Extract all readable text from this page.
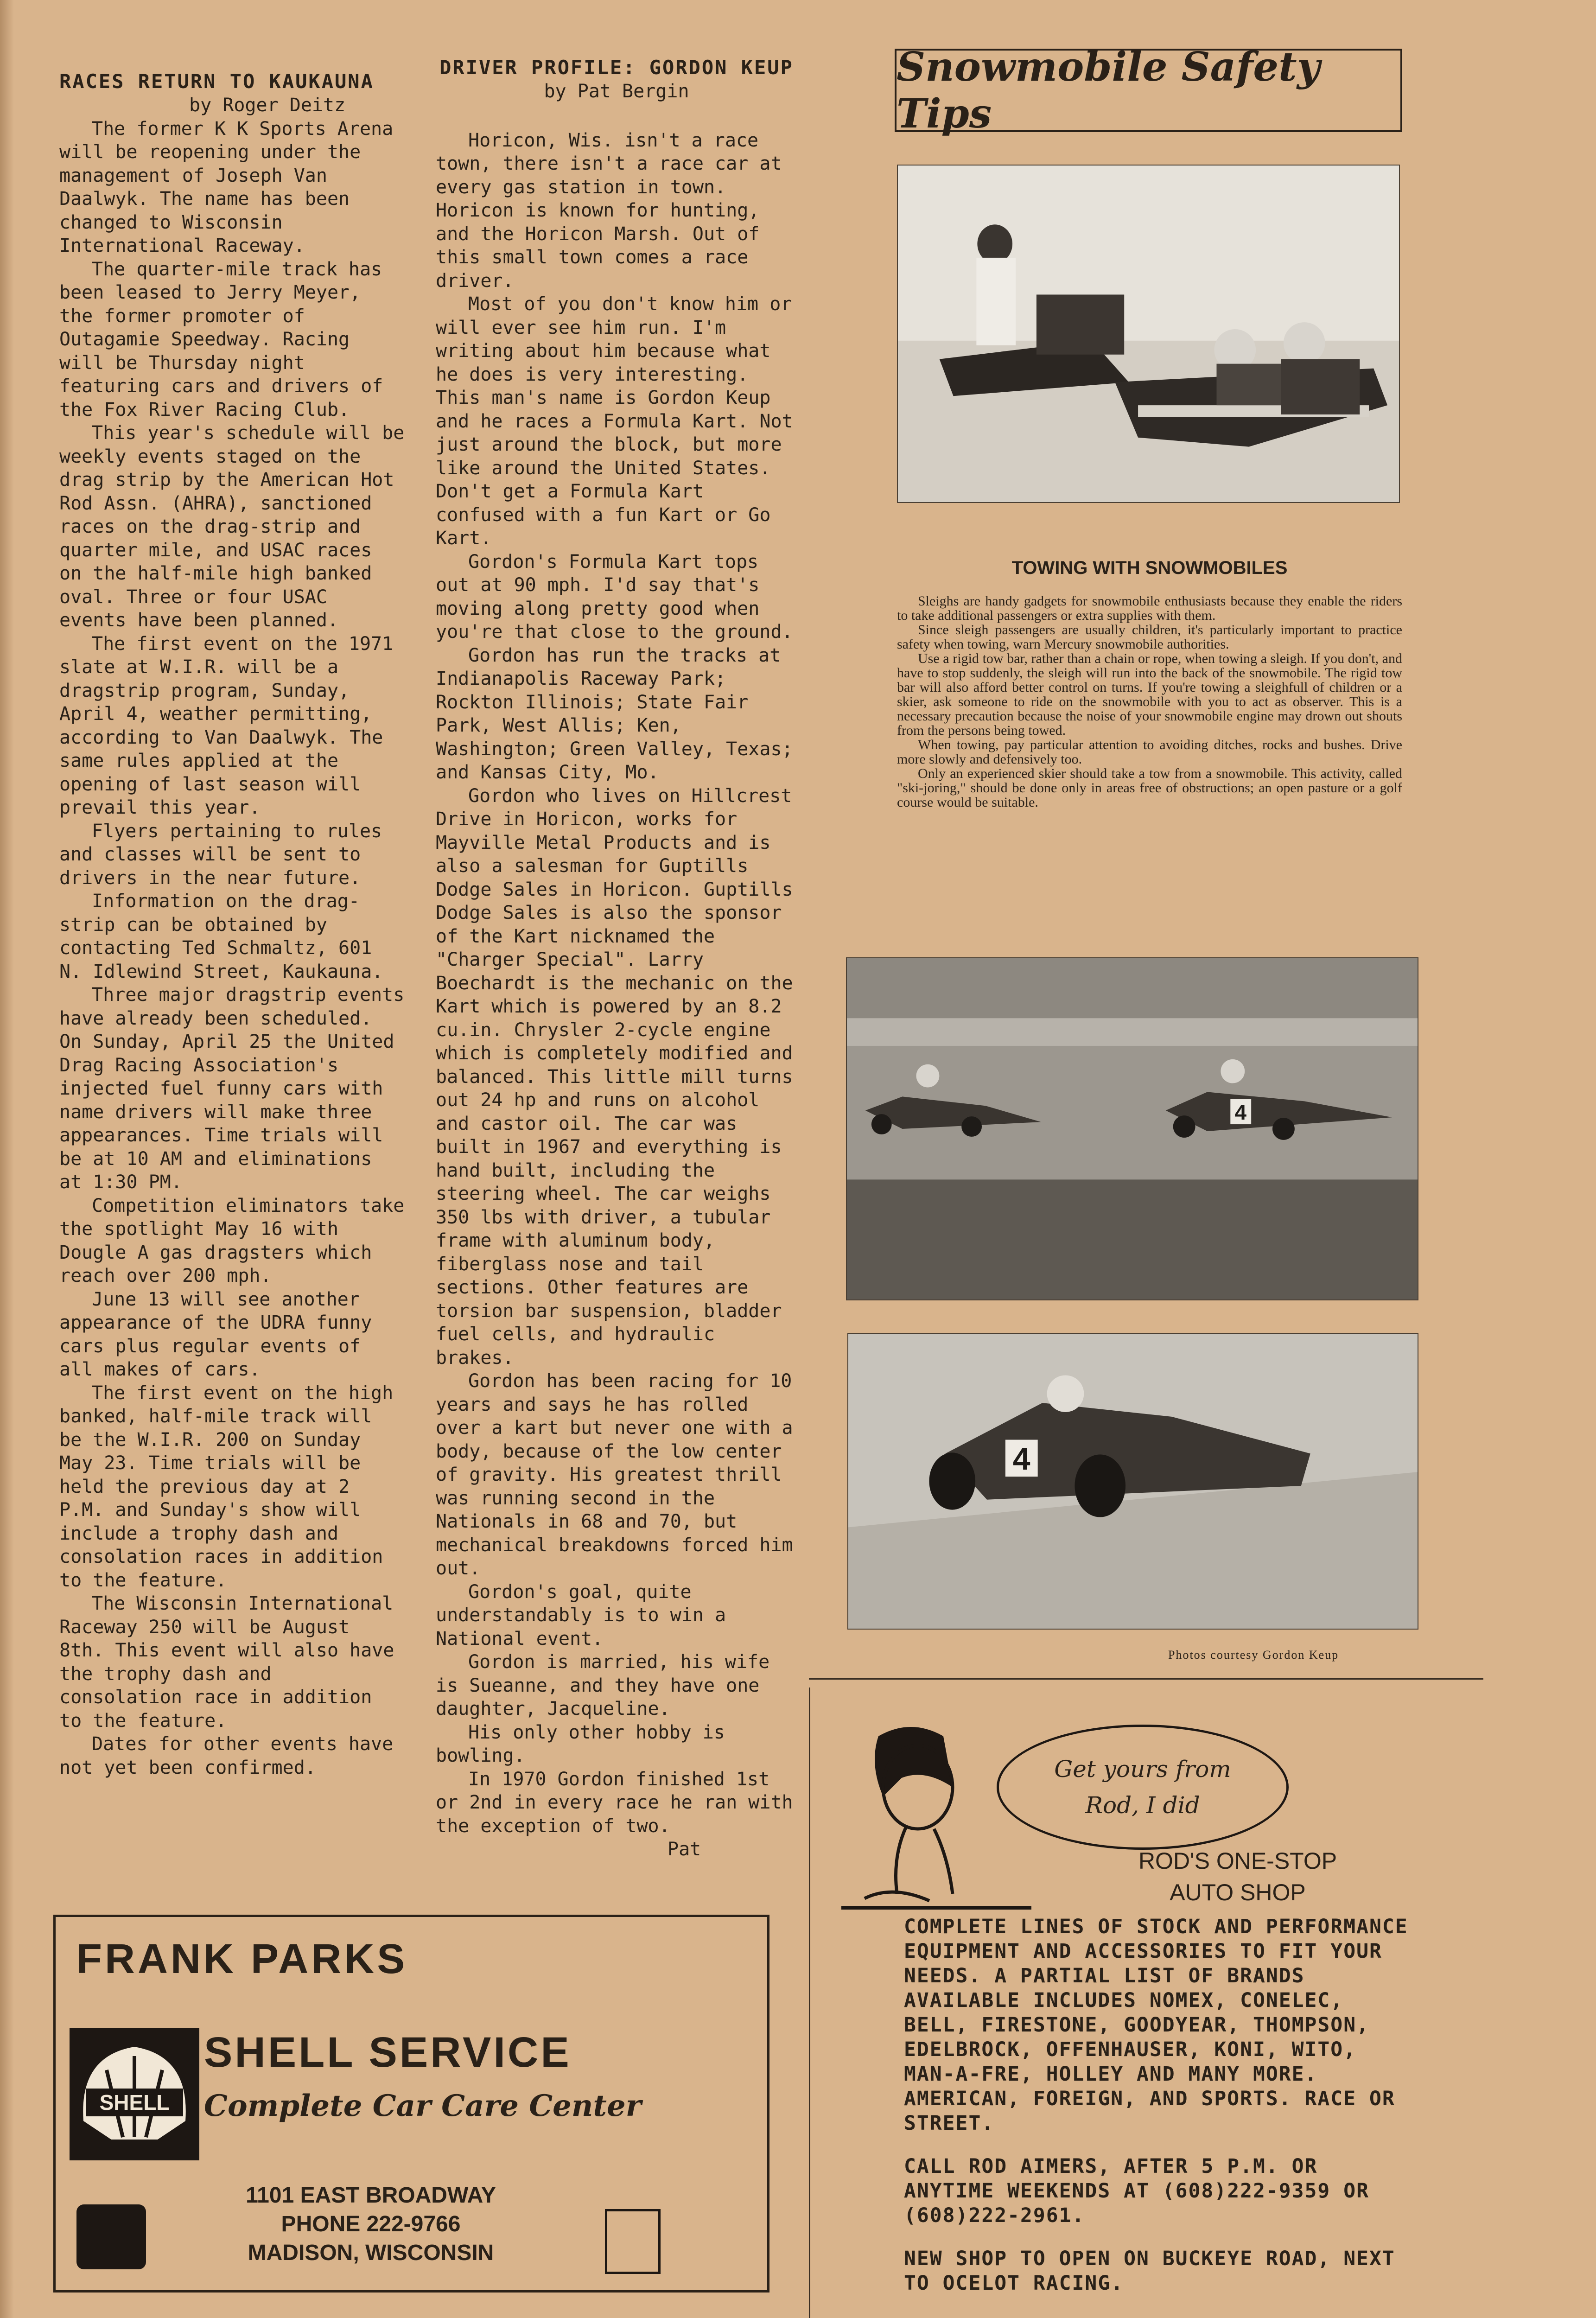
RACES RETURN TO KAUKAUNA

by Roger Deitz

The former K K Sports Arena will be reopening under the management of Joseph Van Daalwyk. The name has been changed to Wisconsin International Raceway.

The quarter-mile track has been leased to Jerry Meyer, the former promoter of Outagamie Speedway. Racing will be Thursday night featuring cars and drivers of the Fox River Racing Club.

This year's schedule will be weekly events staged on the drag strip by the American Hot Rod Assn. (AHRA), sanctioned races on the drag-strip and quarter mile, and USAC races on the half-mile high banked oval. Three or four USAC events have been planned.

The first event on the 1971 slate at W.I.R. will be a dragstrip program, Sunday, April 4, weather permitting, according to Van Daalwyk. The same rules applied at the opening of last season will prevail this year.

Flyers pertaining to rules and classes will be sent to drivers in the near future.

Information on the drag-strip can be obtained by contacting Ted Schmaltz, 601 N. Idlewind Street, Kaukauna.

Three major dragstrip events have already been scheduled. On Sunday, April 25 the United Drag Racing Association's injected fuel funny cars with name drivers will make three appearances. Time trials will be at 10 AM and eliminations at 1:30 PM.

Competition eliminators take the spotlight May 16 with Dougle A gas dragsters which reach over 200 mph.

June 13 will see another appearance of the UDRA funny cars plus regular events of all makes of cars.

The first event on the high banked, half-mile track will be the W.I.R. 200 on Sunday May 23. Time trials will be held the previous day at 2 P.M. and Sunday's show will include a trophy dash and consolation races in addition to the feature.

The Wisconsin International Raceway 250 will be August 8th. This event will also have the trophy dash and consolation race in addition to the feature.

Dates for other events have not yet been confirmed.

DRIVER PROFILE: GORDON KEUP

by Pat Bergin

Horicon, Wis. isn't a race town, there isn't a race car at every gas station in town. Horicon is known for hunting, and the Horicon Marsh. Out of this small town comes a race driver.

Most of you don't know him or will ever see him run. I'm writing about him because what he does is very interesting. This man's name is Gordon Keup and he races a Formula Kart. Not just around the block, but more like around the United States. Don't get a Formula Kart confused with a fun Kart or Go Kart.

Gordon's Formula Kart tops out at 90 mph. I'd say that's moving along pretty good when you're that close to the ground.

Gordon has run the tracks at Indianapolis Raceway Park; Rockton Illinois; State Fair Park, West Allis; Ken, Washington; Green Valley, Texas; and Kansas City, Mo.

Gordon who lives on Hillcrest Drive in Horicon, works for Mayville Metal Products and is also a salesman for Guptills Dodge Sales in Horicon. Guptills Dodge Sales is also the sponsor of the Kart nicknamed the "Charger Special". Larry Boechardt is the mechanic on the Kart which is powered by an 8.2 cu.in. Chrysler 2-cycle engine which is completely modified and balanced. This little mill turns out 24 hp and runs on alcohol and castor oil. The car was built in 1967 and everything is hand built, including the steering wheel. The car weighs 350 lbs with driver, a tubular frame with aluminum body, fiberglass nose and tail sections. Other features are torsion bar suspension, bladder fuel cells, and hydraulic brakes.

Gordon has been racing for 10 years and says he has rolled over a kart but never one with a body, because of the low center of gravity. His greatest thrill was running second in the Nationals in 68 and 70, but mechanical breakdowns forced him out.

Gordon's goal, quite understandably is to win a National event.

Gordon is married, his wife is Sueanne, and they have one daughter, Jacqueline.

His only other hobby is bowling.

In 1970 Gordon finished 1st or 2nd in every race he ran with the exception of two.

Pat

Snowmobile Safety Tips
TOWING WITH SNOWMOBILES

Sleighs are handy gadgets for snowmobile enthusiasts because they enable the riders to take additional passengers or extra supplies with them.

Since sleigh passengers are usually children, it's particularly important to practice safety when towing, warn Mercury snowmobile authorities.

Use a rigid tow bar, rather than a chain or rope, when towing a sleigh. If you don't, and have to stop suddenly, the sleigh will run into the back of the snowmobile. The rigid tow bar will also afford better control on turns. If you're towing a sleighfull of children or a skier, ask someone to ride on the snowmobile with you to act as observer. This is a necessary precaution because the noise of your snowmobile engine may drown out shouts from the persons being towed.

When towing, pay particular attention to avoiding ditches, rocks and bushes. Drive more slowly and defensively too.

Only an experienced skier should take a tow from a snowmobile. This activity, called "ski-joring," should be done only in areas free of obstructions; an open pasture or a golf course would be suitable.

4
4
Photos courtesy Gordon Keup
FRANK PARKS
SHELL
SHELL SERVICE
Complete Car Care Center
1101 EAST BROADWAY
PHONE 222-9766
MADISON, WISCONSIN
Get yours from
Rod, I did
ROD'S ONE-STOP
AUTO SHOP

COMPLETE LINES OF STOCK AND PERFORMANCE EQUIPMENT AND ACCESSORIES TO FIT YOUR NEEDS. A PARTIAL LIST OF BRANDS AVAILABLE INCLUDES NOMEX, CONELEC, BELL, FIRESTONE, GOODYEAR, THOMPSON, EDELBROCK, OFFENHAUSER, KONI, WITO, MAN-A-FRE, HOLLEY AND MANY MORE. AMERICAN, FOREIGN, AND SPORTS. RACE OR STREET.

CALL ROD AIMERS, AFTER 5 P.M. OR ANYTIME WEEKENDS AT (608)222-9359 OR (608)222-2961.

NEW SHOP TO OPEN ON BUCKEYE ROAD, NEXT TO OCELOT RACING.
